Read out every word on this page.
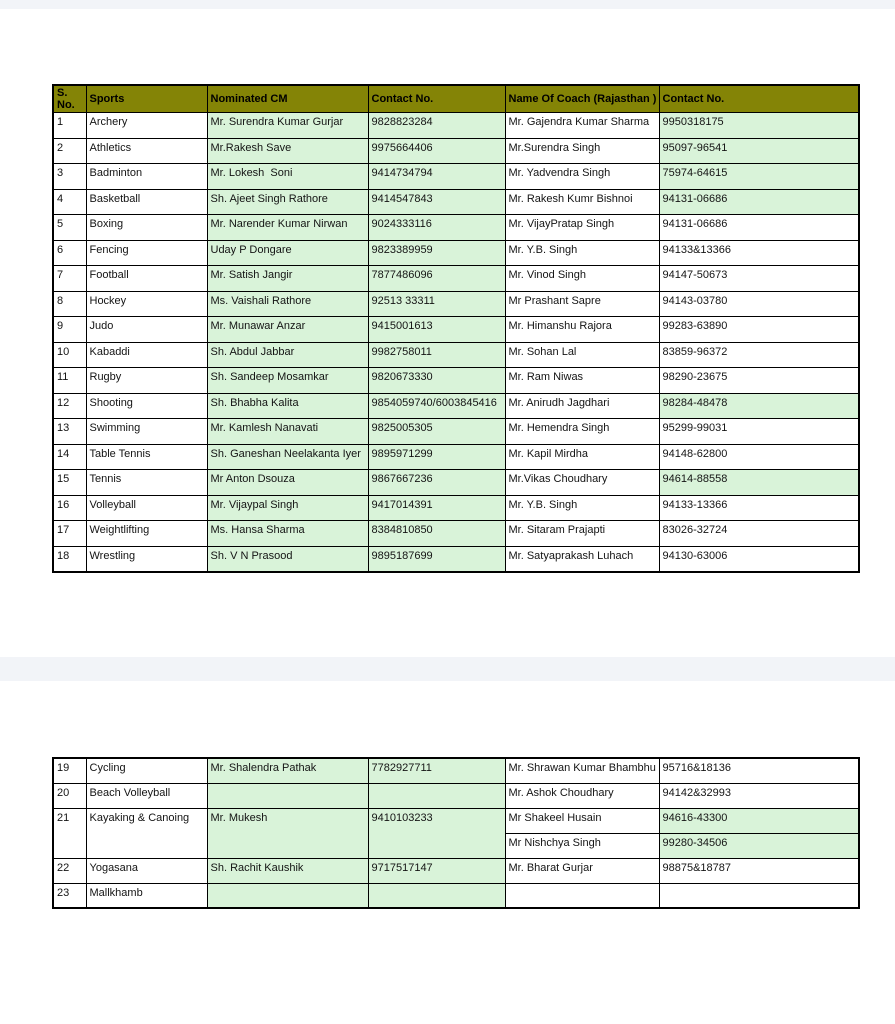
S. No.	Sports	Nominated CM	Contact No.	Name Of Coach (Rajasthan )	Contact No.
1	Archery	Mr. Surendra Kumar Gurjar	9828823284	Mr. Gajendra Kumar Sharma	9950318175
2	Athletics	Mr.Rakesh Save	9975664406	Mr.Surendra Singh	95097-96541
3	Badminton	Mr. Lokesh  Soni	9414734794	Mr. Yadvendra Singh	75974-64615
4	Basketball	Sh. Ajeet Singh Rathore	9414547843	Mr. Rakesh Kumr Bishnoi	94131-06686
5	Boxing	Mr. Narender Kumar Nirwan	9024333116	Mr. VijayPratap Singh	94131-06686
6	Fencing	Uday P Dongare	9823389959	Mr. Y.B. Singh	94133&13366
7	Football	Mr. Satish Jangir	7877486096	Mr. Vinod Singh	94147-50673
8	Hockey	Ms. Vaishali Rathore	92513 33311	Mr Prashant Sapre	94143-03780
9	Judo	Mr. Munawar Anzar	9415001613	Mr. Himanshu Rajora	99283-63890
10	Kabaddi	Sh. Abdul Jabbar	9982758011	Mr. Sohan Lal	83859-96372
11	Rugby	Sh. Sandeep Mosamkar	9820673330	Mr. Ram Niwas	98290-23675
12	Shooting	Sh. Bhabha Kalita	9854059740/6003845416	Mr. Anirudh Jagdhari	98284-48478
13	Swimming	Mr. Kamlesh Nanavati	9825005305	Mr. Hemendra Singh	95299-99031
14	Table Tennis	Sh. Ganeshan Neelakanta Iyer	9895971299	Mr. Kapil Mirdha	94148-62800
15	Tennis	Mr Anton Dsouza	9867667236	Mr.Vikas Choudhary	94614-88558
16	Volleyball	Mr. Vijaypal Singh	9417014391	Mr. Y.B. Singh	94133-13366
17	Weightlifting	Ms. Hansa Sharma	8384810850	Mr. Sitaram Prajapti	83026-32724
18	Wrestling	Sh. V N Prasood	9895187699	Mr. Satyaprakash Luhach	94130-63006
19	Cycling	Mr. Shalendra Pathak	7782927711	Mr. Shrawan Kumar Bhambhu	95716&18136
20	Beach Volleyball			Mr. Ashok Choudhary	94142&32993
21	Kayaking & Canoing	Mr. Mukesh	9410103233	Mr Shakeel Husain	94616-43300
				Mr Nishchya Singh	99280-34506
22	Yogasana	Sh. Rachit Kaushik	9717517147	Mr. Bharat Gurjar	98875&18787
23	Mallkhamb				
